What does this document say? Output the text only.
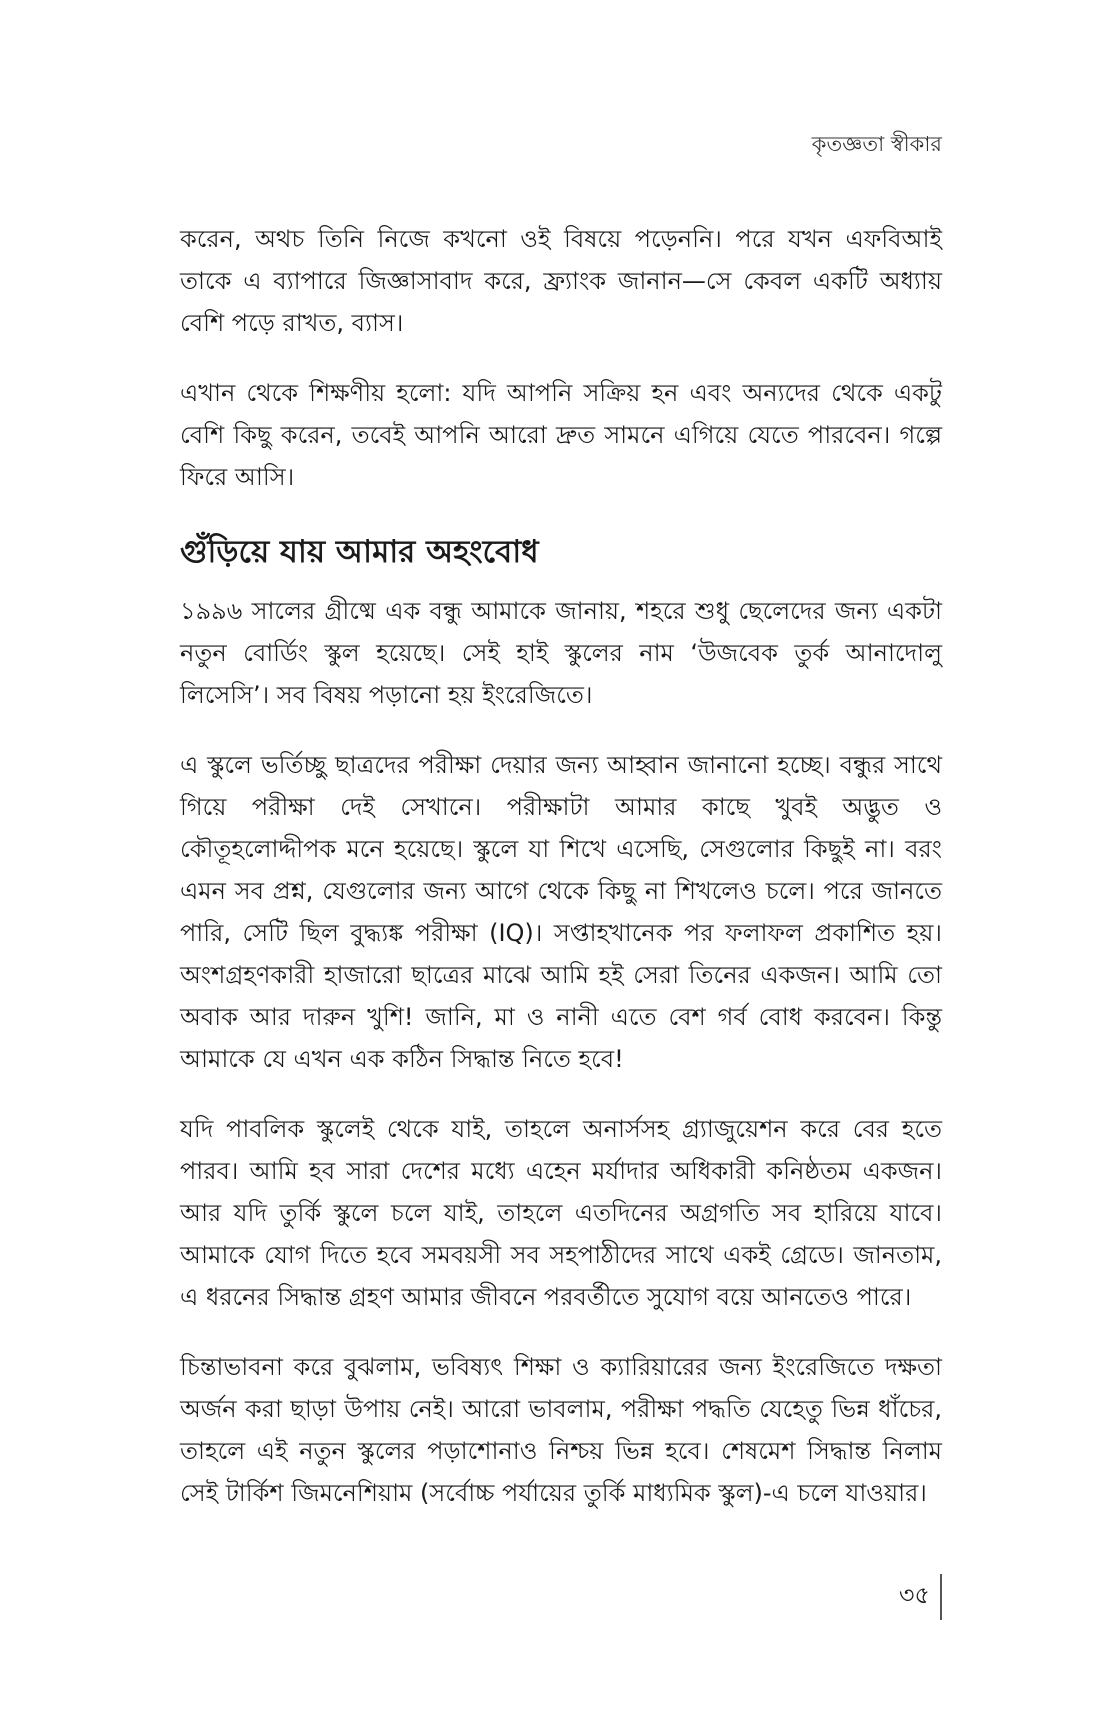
কৃতজ্ঞতা স্বীকার

করেন, অথচ তিনি নিজে কখনো ওই বিষয়ে পড়েননি। পরে যখন এফবিআই তাকে এ ব্যাপারে জিজ্ঞাসাবাদ করে, ফ্র্যাংক জানান—সে কেবল একটি অধ্যায় বেশি পড়ে রাখত, ব্যাস।

এখান থেকে শিক্ষণীয় হলো: যদি আপনি সক্রিয় হন এবং অন্যদের থেকে একটু বেশি কিছু করেন, তবেই আপনি আরো দ্রুত সামনে এগিয়ে যেতে পারবেন। গল্পে ফিরে আসি।

গুঁড়িয়ে যায় আমার অহংবোধ

১৯৯৬ সালের গ্রীষ্মে এক বন্ধু আমাকে জানায়, শহরে শুধু ছেলেদের জন্য একটা নতুন বোর্ডিং স্কুল হয়েছে। সেই হাই স্কুলের নাম ‘উজবেক তুর্ক আনাদোলু লিসেসি’। সব বিষয় পড়ানো হয় ইংরেজিতে।

এ স্কুলে ভর্তিচ্ছু ছাত্রদের পরীক্ষা দেয়ার জন্য আহ্বান জানানো হচ্ছে। বন্ধুর সাথে গিয়ে পরীক্ষা দেই সেখানে। পরীক্ষাটা আমার কাছে খুবই অদ্ভুত ও কৌতূহলোদ্দীপক মনে হয়েছে। স্কুলে যা শিখে এসেছি, সেগুলোর কিছুই না। বরং এমন সব প্রশ্ন, যেগুলোর জন্য আগে থেকে কিছু না শিখলেও চলে। পরে জানতে পারি, সেটি ছিল বুদ্ধ্যঙ্ক পরীক্ষা (IQ)। সপ্তাহখানেক পর ফলাফল প্রকাশিত হয়। অংশগ্রহণকারী হাজারো ছাত্রের মাঝে আমি হই সেরা তিনের একজন। আমি তো অবাক আর দারুন খুশি! জানি, মা ও নানী এতে বেশ গর্ব বোধ করবেন। কিন্তু আমাকে যে এখন এক কঠিন সিদ্ধান্ত নিতে হবে!

যদি পাবলিক স্কুলেই থেকে যাই, তাহলে অনার্সসহ গ্র্যাজুয়েশন করে বের হতে পারব। আমি হব সারা দেশের মধ্যে এহেন মর্যাদার অধিকারী কনিষ্ঠতম একজন। আর যদি তুর্কি স্কুলে চলে যাই, তাহলে এতদিনের অগ্রগতি সব হারিয়ে যাবে। আমাকে যোগ দিতে হবে সমবয়সী সব সহপাঠীদের সাথে একই গ্রেডে। জানতাম, এ ধরনের সিদ্ধান্ত গ্রহণ আমার জীবনে পরবর্তীতে সুযোগ বয়ে আনতেও পারে।

চিন্তাভাবনা করে বুঝলাম, ভবিষ্যৎ শিক্ষা ও ক্যারিয়ারের জন্য ইংরেজিতে দক্ষতা অর্জন করা ছাড়া উপায় নেই। আরো ভাবলাম, পরীক্ষা পদ্ধতি যেহেতু ভিন্ন ধাঁচের, তাহলে এই নতুন স্কুলের পড়াশোনাও নিশ্চয় ভিন্ন হবে। শেষমেশ সিদ্ধান্ত নিলাম সেই টার্কিশ জিমনেশিয়াম (সর্বোচ্চ পর্যায়ের তুর্কি মাধ্যমিক স্কুল)-এ চলে যাওয়ার।

৩৫
